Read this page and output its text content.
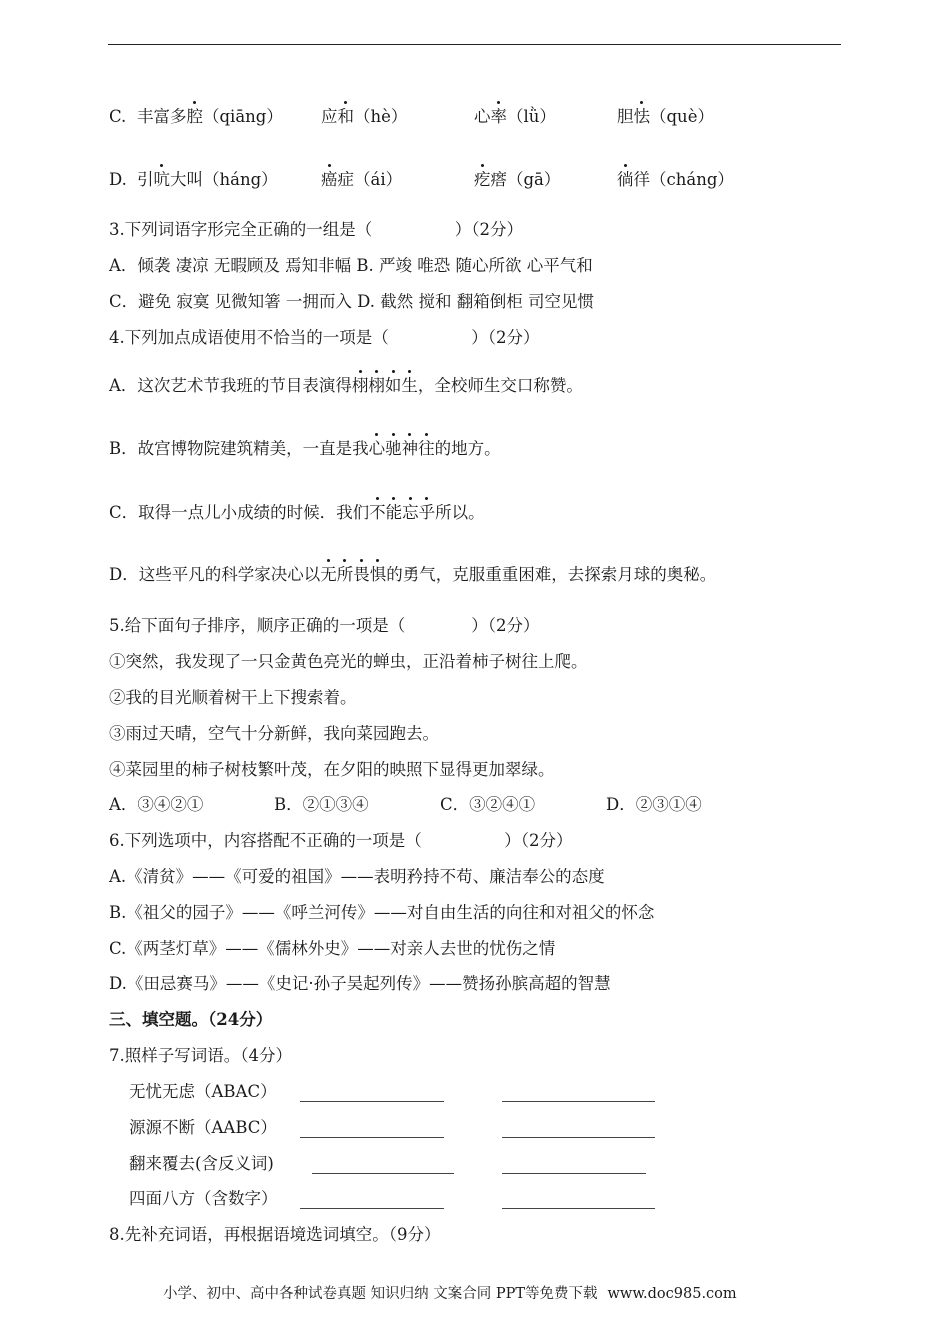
C. 丰富多腔（qiāng） 应和（hè）	心率（lǜ）	胆怯（què）
D. 引吭大叫（háng）	癌症（ái）	疙瘩（gā）	徜徉（cháng）
3.下列词语字形完全正确的一组是（　　　　　）（2分）
A．倾袭 凄凉 无暇顾及 焉知非幅 B. 严竣 唯恐 随心所欲 心平气和
C．避免 寂寞 见微知箸 一拥而入 D. 截然 搅和 翻箱倒柜 司空见惯
4.下列加点成语使用不恰当的一项是（　　　　　）（2分）
A．这次艺术节我班的节目表演得栩栩如生，全校师生交口称赞。
B．故宫博物院建筑精美，一直是我心驰神往的地方。
C．取得一点儿小成绩的时候．我们不能忘乎所以。
D．这些平凡的科学家决心以无所畏惧的勇气，克服重重困难，去探索月球的奥秘。
5.给下面句子排序，顺序正确的一项是（　　　　）（2分）
①突然，我发现了一只金黄色亮光的蝉虫，正沿着柿子树往上爬。
②我的目光顺着树干上下搜索着。
③雨过天晴，空气十分新鲜，我向菜园跑去。
④菜园里的柿子树枝繁叶茂，在夕阳的映照下显得更加翠绿。
A．③④②①	B．②①③④	C．③②④①	D．②③①④
6.下列选项中，内容搭配不正确的一项是（　　　　　）（2分）
A.《清贫》——《可爱的祖国》——表明矜持不苟、廉洁奉公的态度
B.《祖父的园子》——《呼兰河传》——对自由生活的向往和对祖父的怀念
C.《两茎灯草》——《儒林外史》——对亲人去世的忧伤之情
D.《田忌赛马》——《史记·孙子吴起列传》——赞扬孙膑高超的智慧
三、填空题。（24分）
7.照样子写词语。（4分）
无忧无虑（ABAC）
源源不断（AABC）
翻来覆去(含反义词)
四面八方（含数字）
8.先补充词语，再根据语境选词填空。（9分）
小学、初中、高中各种试卷真题 知识归纳 文案合同 PPT等免费下载 www.doc985.com
